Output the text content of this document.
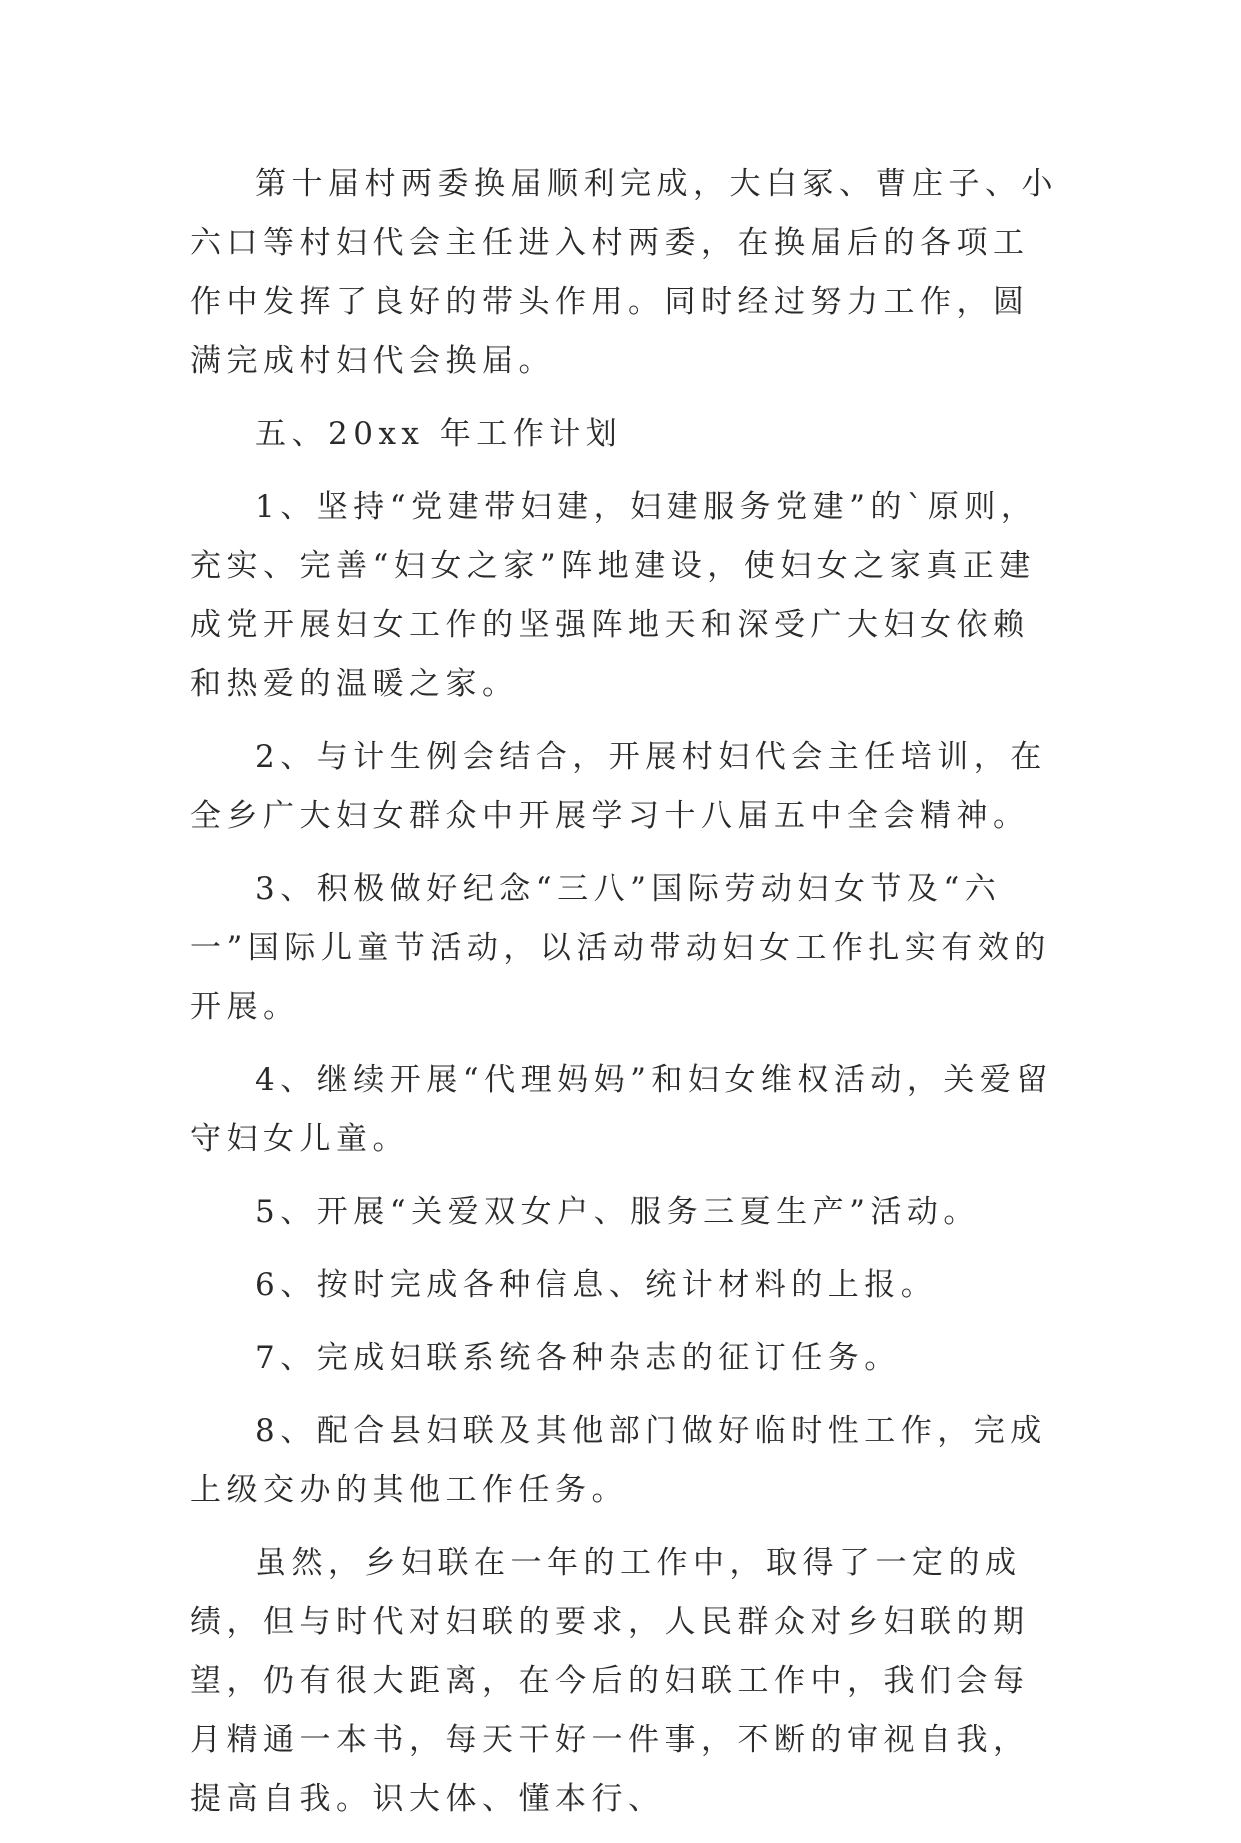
第十届村两委换届顺利完成，大白冢、曹庄子、小六口等村妇代会主任进入村两委，在换届后的各项工作中发挥了良好的带头作用。同时经过努力工作，圆满完成村妇代会换届。

五、20xx 年工作计划

1、坚持“党建带妇建，妇建服务党建”的`原则，充实、完善“妇女之家”阵地建设，使妇女之家真正建成党开展妇女工作的坚强阵地天和深受广大妇女依赖和热爱的温暖之家。

2、与计生例会结合，开展村妇代会主任培训，在全乡广大妇女群众中开展学习十八届五中全会精神。

3、积极做好纪念“三八”国际劳动妇女节及“六一”国际儿童节活动，以活动带动妇女工作扎实有效的开展。

4、继续开展“代理妈妈”和妇女维权活动，关爱留守妇女儿童。

5、开展“关爱双女户、服务三夏生产”活动。

6、按时完成各种信息、统计材料的上报。

7、完成妇联系统各种杂志的征订任务。

8、配合县妇联及其他部门做好临时性工作，完成上级交办的其他工作任务。

虽然，乡妇联在一年的工作中，取得了一定的成绩，但与时代对妇联的要求，人民群众对乡妇联的期望，仍有很大距离，在今后的妇联工作中，我们会每月精通一本书，每天干好一件事，不断的审视自我，提高自我。识大体、懂本行、
